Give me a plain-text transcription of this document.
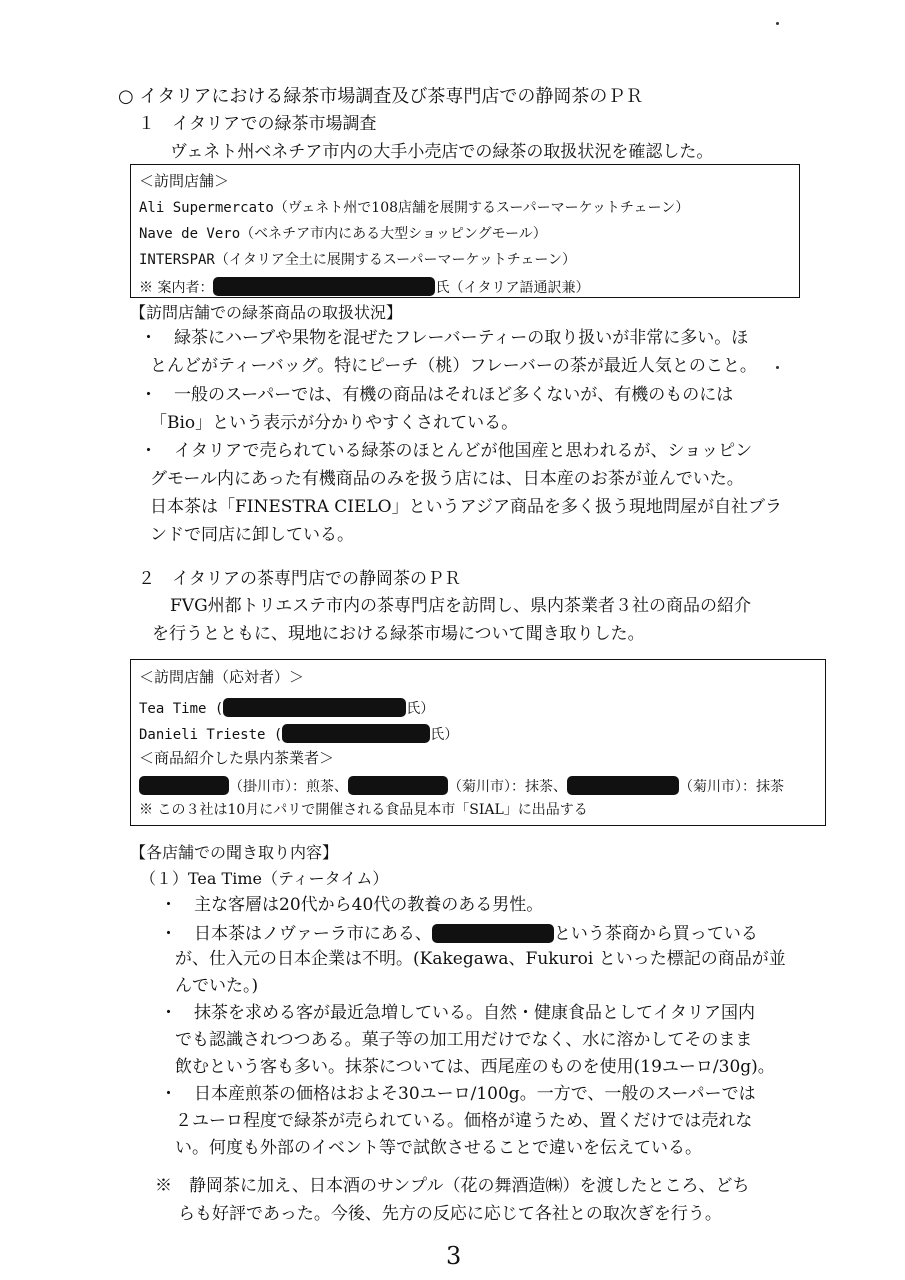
○ イタリアにおける緑茶市場調査及び茶専門店での静岡茶のＰＲ
１　イタリアでの緑茶市場調査
ヴェネト州ベネチア市内の大手小売店での緑茶の取扱状況を確認した。
＜訪問店舗＞
Ali Supermercato（ヴェネト州で108店舗を展開するスーパーマーケットチェーン）
Nave de Vero（ベネチア市内にある大型ショッピングモール）
INTERSPAR（イタリア全土に展開するスーパーマーケットチェーン）
※ 案内者：	氏（イタリア語通訳兼）
【訪問店舗での緑茶商品の取扱状況】
・　緑茶にハーブや果物を混ぜたフレーバーティーの取り扱いが非常に多い。ほ
とんどがティーバッグ。特にピーチ（桃）フレーバーの茶が最近人気とのこと。
・　一般のスーパーでは、有機の商品はそれほど多くないが、有機のものには
「Bio」という表示が分かりやすくされている。
・　イタリアで売られている緑茶のほとんどが他国産と思われるが、ショッピン
グモール内にあった有機商品のみを扱う店には、日本産のお茶が並んでいた。
日本茶は「FINESTRA CIELO」というアジア商品を多く扱う現地問屋が自社ブラ
ンドで同店に卸している。
２　イタリアの茶専門店での静岡茶のＰＲ
FVG州都トリエステ市内の茶専門店を訪問し、県内茶業者３社の商品の紹介
を行うとともに、現地における緑茶市場について聞き取りした。
＜訪問店舗（応対者）＞
Tea Time (	氏）
Danieli Trieste (	氏）
＜商品紹介した県内茶業者＞
（掛川市）：煎茶、	（菊川市）：抹茶、	（菊川市）：抹茶
※ この３社は10月にパリで開催される食品見本市「SIAL」に出品する
【各店舗での聞き取り内容】
（１）Tea Time（ティータイム）
・　主な客層は20代から40代の教養のある男性。
・　日本茶はノヴァーラ市にある、	という茶商から買っている
が、仕入元の日本企業は不明。(Kakegawa、Fukuroi といった標記の商品が並
んでいた。)
・　抹茶を求める客が最近急増している。自然・健康食品としてイタリア国内
でも認識されつつある。菓子等の加工用だけでなく、水に溶かしてそのまま
飲むという客も多い。抹茶については、西尾産のものを使用(19ユーロ/30g)。
・　日本産煎茶の価格はおよそ30ユーロ/100g。一方で、一般のスーパーでは
２ユーロ程度で緑茶が売られている。価格が違うため、置くだけでは売れな
い。何度も外部のイベント等で試飲させることで違いを伝えている。
※　静岡茶に加え、日本酒のサンプル（花の舞酒造㈱）を渡したところ、どち
らも好評であった。今後、先方の反応に応じて各社との取次ぎを行う。
3
